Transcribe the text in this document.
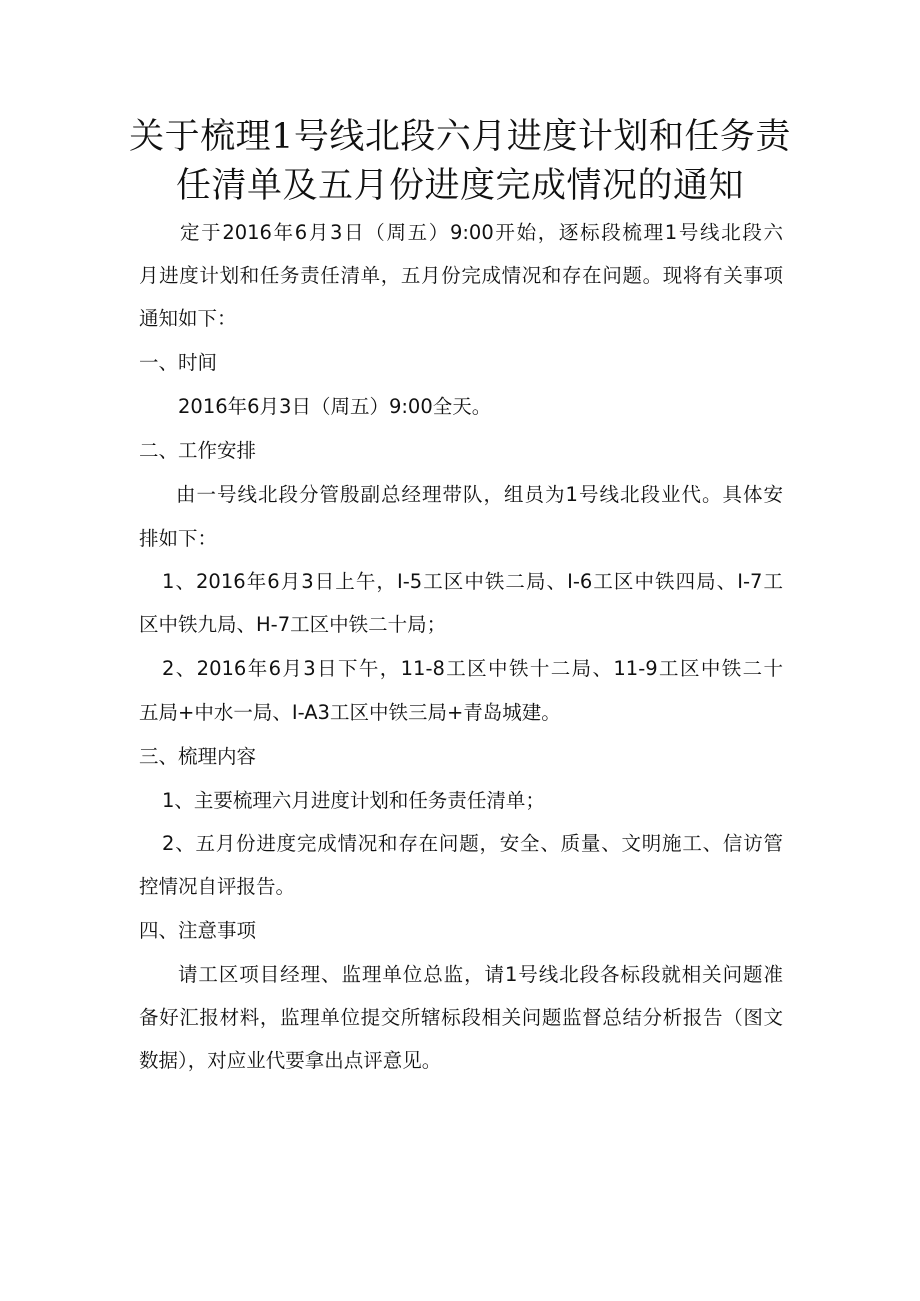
关于梳理1号线北段六月进度计划和任务责
任清单及五月份进度完成情况的通知

定于2016年6月3日（周五）9:00开始，逐标段梳理1号线北段六

月进度计划和任务责任清单，五月份完成情况和存在问题。现将有关事项

通知如下：

一、时间

2016年6月3日（周五）9:00全天。

二、工作安排

由一号线北段分管殷副总经理带队，组员为1号线北段业代。具体安

排如下：

1、2016年6月3日上午，I-5工区中铁二局、I-6工区中铁四局、I-7工

区中铁九局、H-7工区中铁二十局；

2、2016年6月3日下午，11-8工区中铁十二局、11-9工区中铁二十

五局+中水一局、I-A3工区中铁三局+青岛城建。

三、梳理内容

1、主要梳理六月进度计划和任务责任清单；

2、五月份进度完成情况和存在问题，安全、质量、文明施工、信访管

控情况自评报告。

四、注意事项

请工区项目经理、监理单位总监，请1号线北段各标段就相关问题准

备好汇报材料，监理单位提交所辖标段相关问题监督总结分析报告（图文

数据），对应业代要拿出点评意见。
